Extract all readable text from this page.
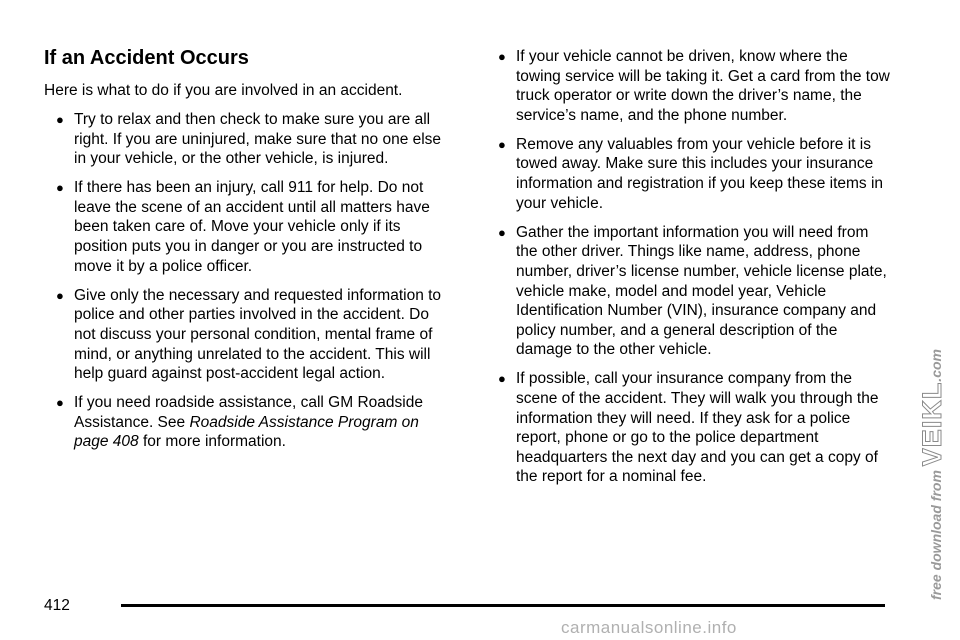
If an Accident Occurs

Here is what to do if you are involved in an accident.

● Try to relax and then check to make sure you are all right. If you are uninjured, make sure that no one else in your vehicle, or the other vehicle, is injured.
● If there has been an injury, call 911 for help. Do not leave the scene of an accident until all matters have been taken care of. Move your vehicle only if its position puts you in danger or you are instructed to move it by a police officer.
● Give only the necessary and requested information to police and other parties involved in the accident. Do not discuss your personal condition, mental frame of mind, or anything unrelated to the accident. This will help guard against post-accident legal action.
● If you need roadside assistance, call GM Roadside Assistance. See Roadside Assistance Program on page 408 for more information.
● If your vehicle cannot be driven, know where the towing service will be taking it. Get a card from the tow truck operator or write down the driver’s name, the service’s name, and the phone number.
● Remove any valuables from your vehicle before it is towed away. Make sure this includes your insurance information and registration if you keep these items in your vehicle.
● Gather the important information you will need from the other driver. Things like name, address, phone number, driver’s license number, vehicle license plate, vehicle make, model and model year, Vehicle Identification Number (VIN), insurance company and policy number, and a general description of the damage to the other vehicle.
● If possible, call your insurance company from the scene of the accident. They will walk you through the information they will need. If they ask for a police report, phone or go to the police department headquarters the next day and you can get a copy of the report for a nominal fee.
412
free download from VEIKL.com
carmanualsonline.info
